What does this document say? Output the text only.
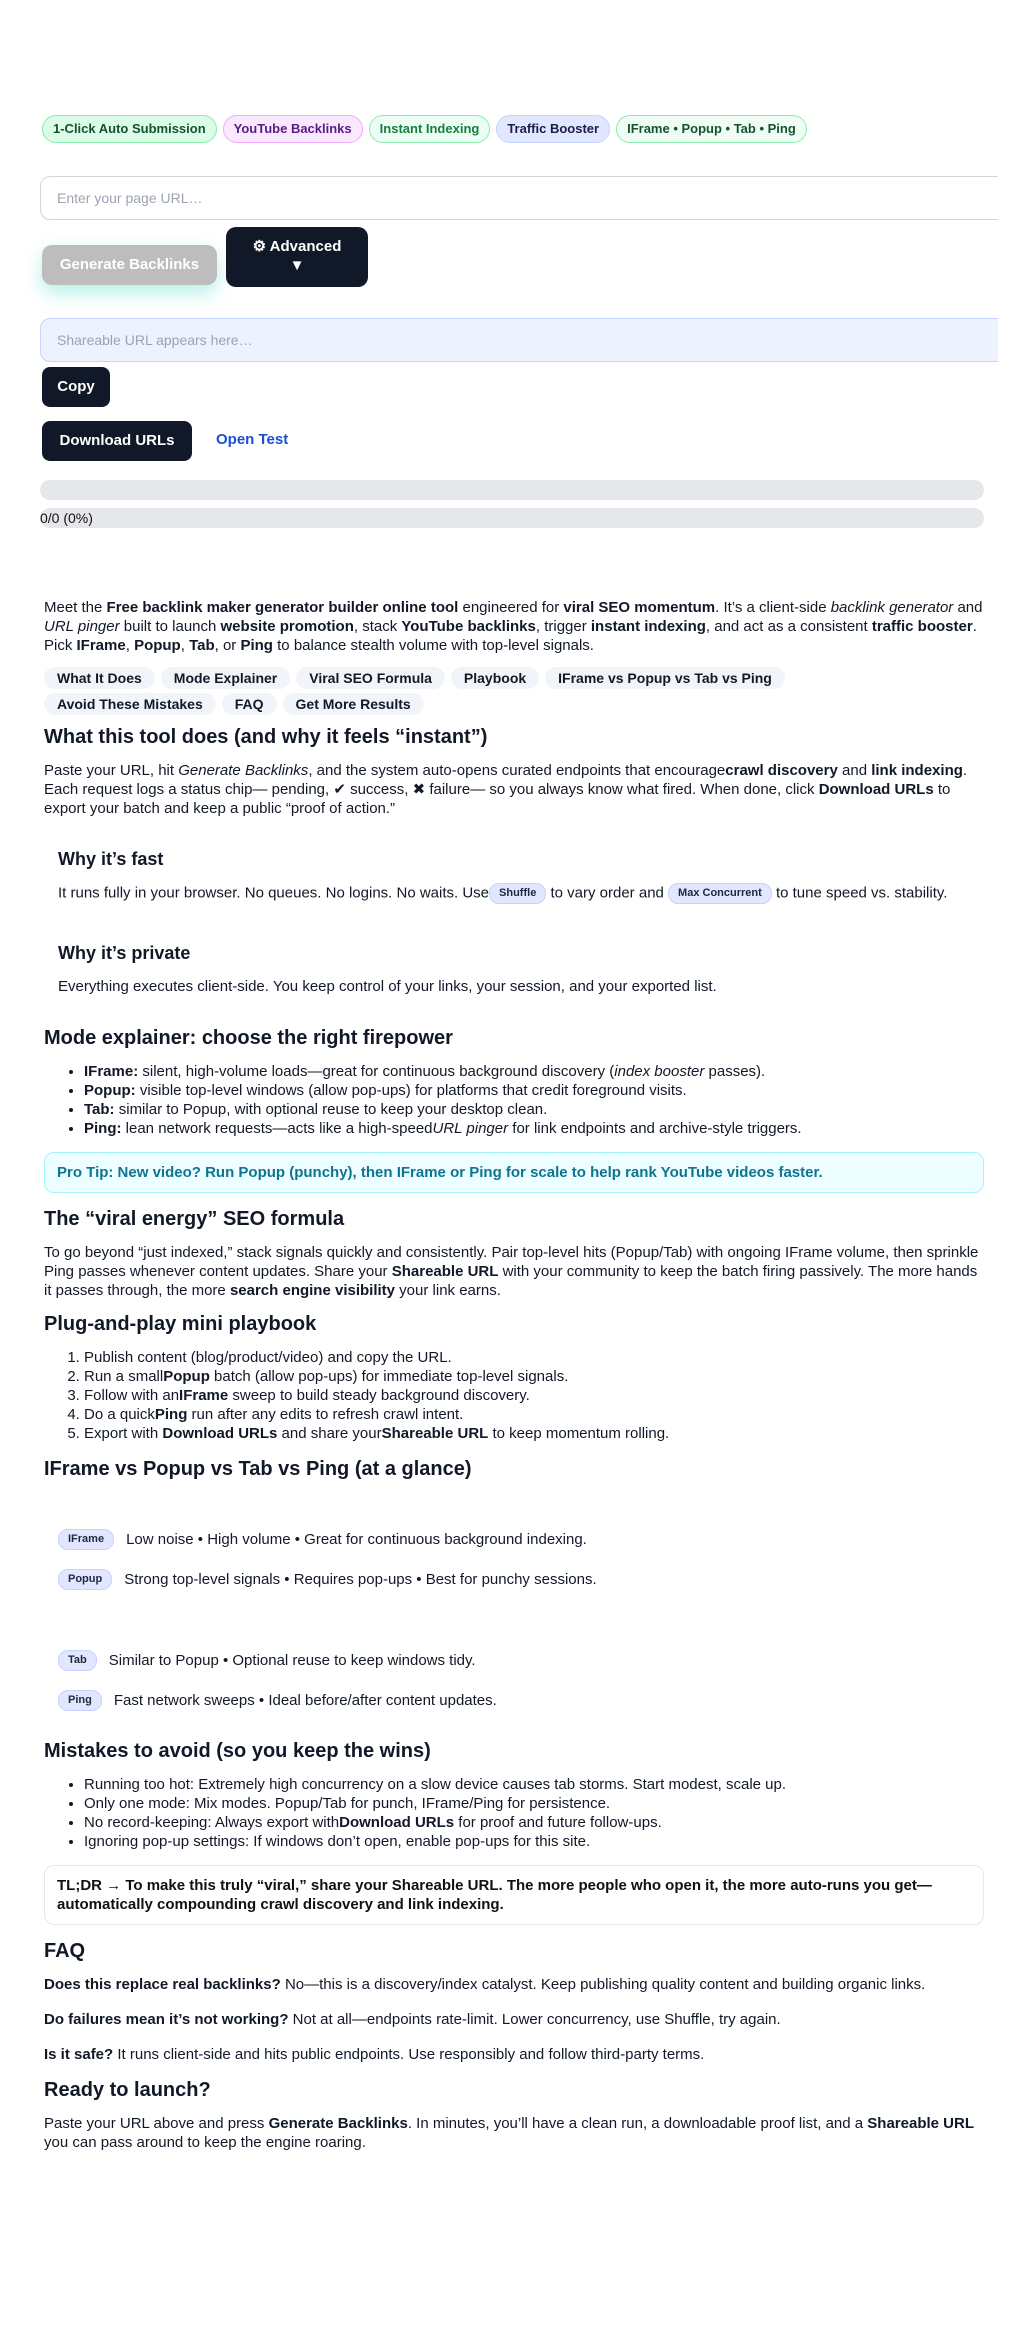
1-Click Auto Submission	YouTube Backlinks	Instant Indexing	Traffic Booster	IFrame • Popup • Tab • Ping
Enter your page URL…
Generate Backlinks
⚙ Advanced
▼
Shareable URL appears here…
Copy
Download URLs	Open Test
0/0 (0%)

Meet the Free backlink maker generator builder online tool engineered for viral SEO momentum. It’s a client-side backlink generator and URL pinger built to launch website promotion, stack YouTube backlinks, trigger instant indexing, and act as a consistent traffic booster. Pick IFrame, Popup, Tab, or Ping to balance stealth volume with top-level signals.

What It Does	Mode Explainer	Viral SEO Formula	Playbook	IFrame vs Popup vs Tab vs Ping
Avoid These Mistakes	FAQ	Get More Results
What this tool does (and why it feels “instant”)

Paste your URL, hit Generate Backlinks, and the system auto-opens curated endpoints that encouragecrawl discovery and link indexing. Each request logs a status chip— pending, ✔ success, ✖ failure— so you always know what fired. When done, click Download URLs to export your batch and keep a public “proof of action.”

Why it’s fast

It runs fully in your browser. No queues. No logins. No waits. Use Shuffle to vary order and Max Concurrent to tune speed vs. stability.

Why it’s private

Everything executes client-side. You keep control of your links, your session, and your exported list.

Mode explainer: choose the right firepower
• IFrame: silent, high-volume loads—great for continuous background discovery (index booster passes).
• Popup: visible top-level windows (allow pop-ups) for platforms that credit foreground visits.
• Tab: similar to Popup, with optional reuse to keep your desktop clean.
• Ping: lean network requests—acts like a high-speedURL pinger for link endpoints and archive-style triggers.
Pro Tip: New video? Run Popup (punchy), then IFrame or Ping for scale to help rank YouTube videos faster.
The “viral energy” SEO formula

To go beyond “just indexed,” stack signals quickly and consistently. Pair top-level hits (Popup/Tab) with ongoing IFrame volume, then sprinkle Ping passes whenever content updates. Share your Shareable URL with your community to keep the batch firing passively. The more hands it passes through, the more search engine visibility your link earns.

Plug-and-play mini playbook
1. Publish content (blog/product/video) and copy the URL.
2. Run a smallPopup batch (allow pop-ups) for immediate top-level signals.
3. Follow with anIFrame sweep to build steady background discovery.
4. Do a quickPing run after any edits to refresh crawl intent.
5. Export with Download URLs and share yourShareable URL to keep momentum rolling.
IFrame vs Popup vs Tab vs Ping (at a glance)
IFrame	Low noise • High volume • Great for continuous background indexing.
Popup	Strong top-level signals • Requires pop-ups • Best for punchy sessions.
Tab	Similar to Popup • Optional reuse to keep windows tidy.
Ping	Fast network sweeps • Ideal before/after content updates.
Mistakes to avoid (so you keep the wins)
• Running too hot: Extremely high concurrency on a slow device causes tab storms. Start modest, scale up.
• Only one mode: Mix modes. Popup/Tab for punch, IFrame/Ping for persistence.
• No record-keeping: Always export withDownload URLs for proof and future follow-ups.
• Ignoring pop-up settings: If windows don’t open, enable pop-ups for this site.
TL;DR → To make this truly “viral,” share your Shareable URL. The more people who open it, the more auto-runs you get—automatically compounding crawl discovery and link indexing.
FAQ

Does this replace real backlinks? No—this is a discovery/index catalyst. Keep publishing quality content and building organic links.

Do failures mean it’s not working? Not at all—endpoints rate-limit. Lower concurrency, use Shuffle, try again.

Is it safe? It runs client-side and hits public endpoints. Use responsibly and follow third-party terms.

Ready to launch?

Paste your URL above and press Generate Backlinks. In minutes, you’ll have a clean run, a downloadable proof list, and a Shareable URL you can pass around to keep the engine roaring.
